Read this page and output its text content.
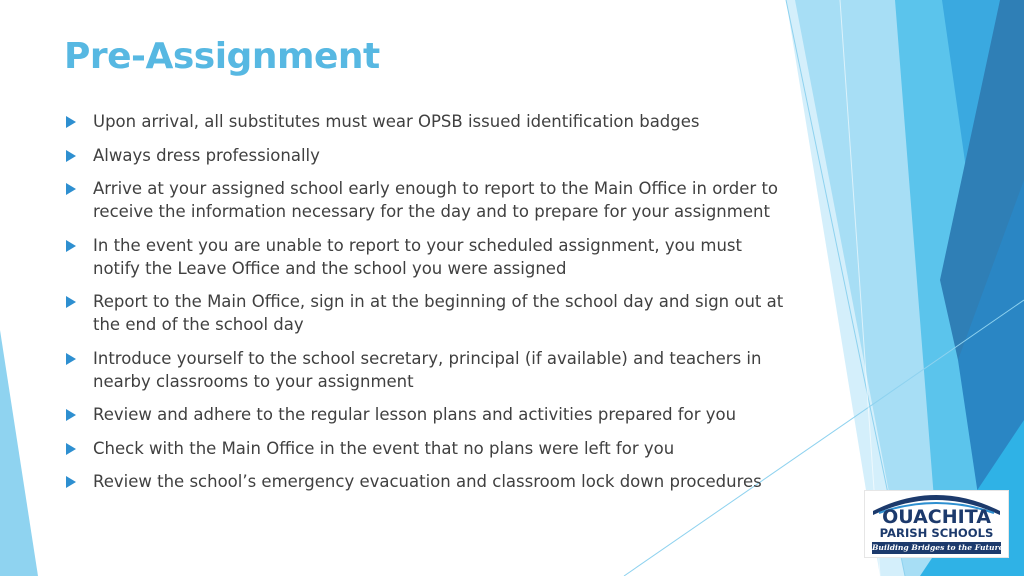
Pre-Assignment
Upon arrival, all substitutes must wear OPSB issued identification badges
Always dress professionally
Arrive at your assigned school early enough to report to the Main Office in order to receive the information necessary for the day and to prepare for your assignment
In the event you are unable to report to your scheduled assignment, you must notify the Leave Office and the school you were assigned
Report to the Main Office, sign in at the beginning of the school day and sign out at the end of the school day
Introduce yourself to the school secretary, principal (if available) and teachers in nearby classrooms to your assignment
Review and adhere to the regular lesson plans and activities prepared for you
Check with the Main Office in the event that no plans were left for you
Review the school’s emergency evacuation and classroom lock down procedures
OUACHITA
PARISH SCHOOLS
Building Bridges to the Future
